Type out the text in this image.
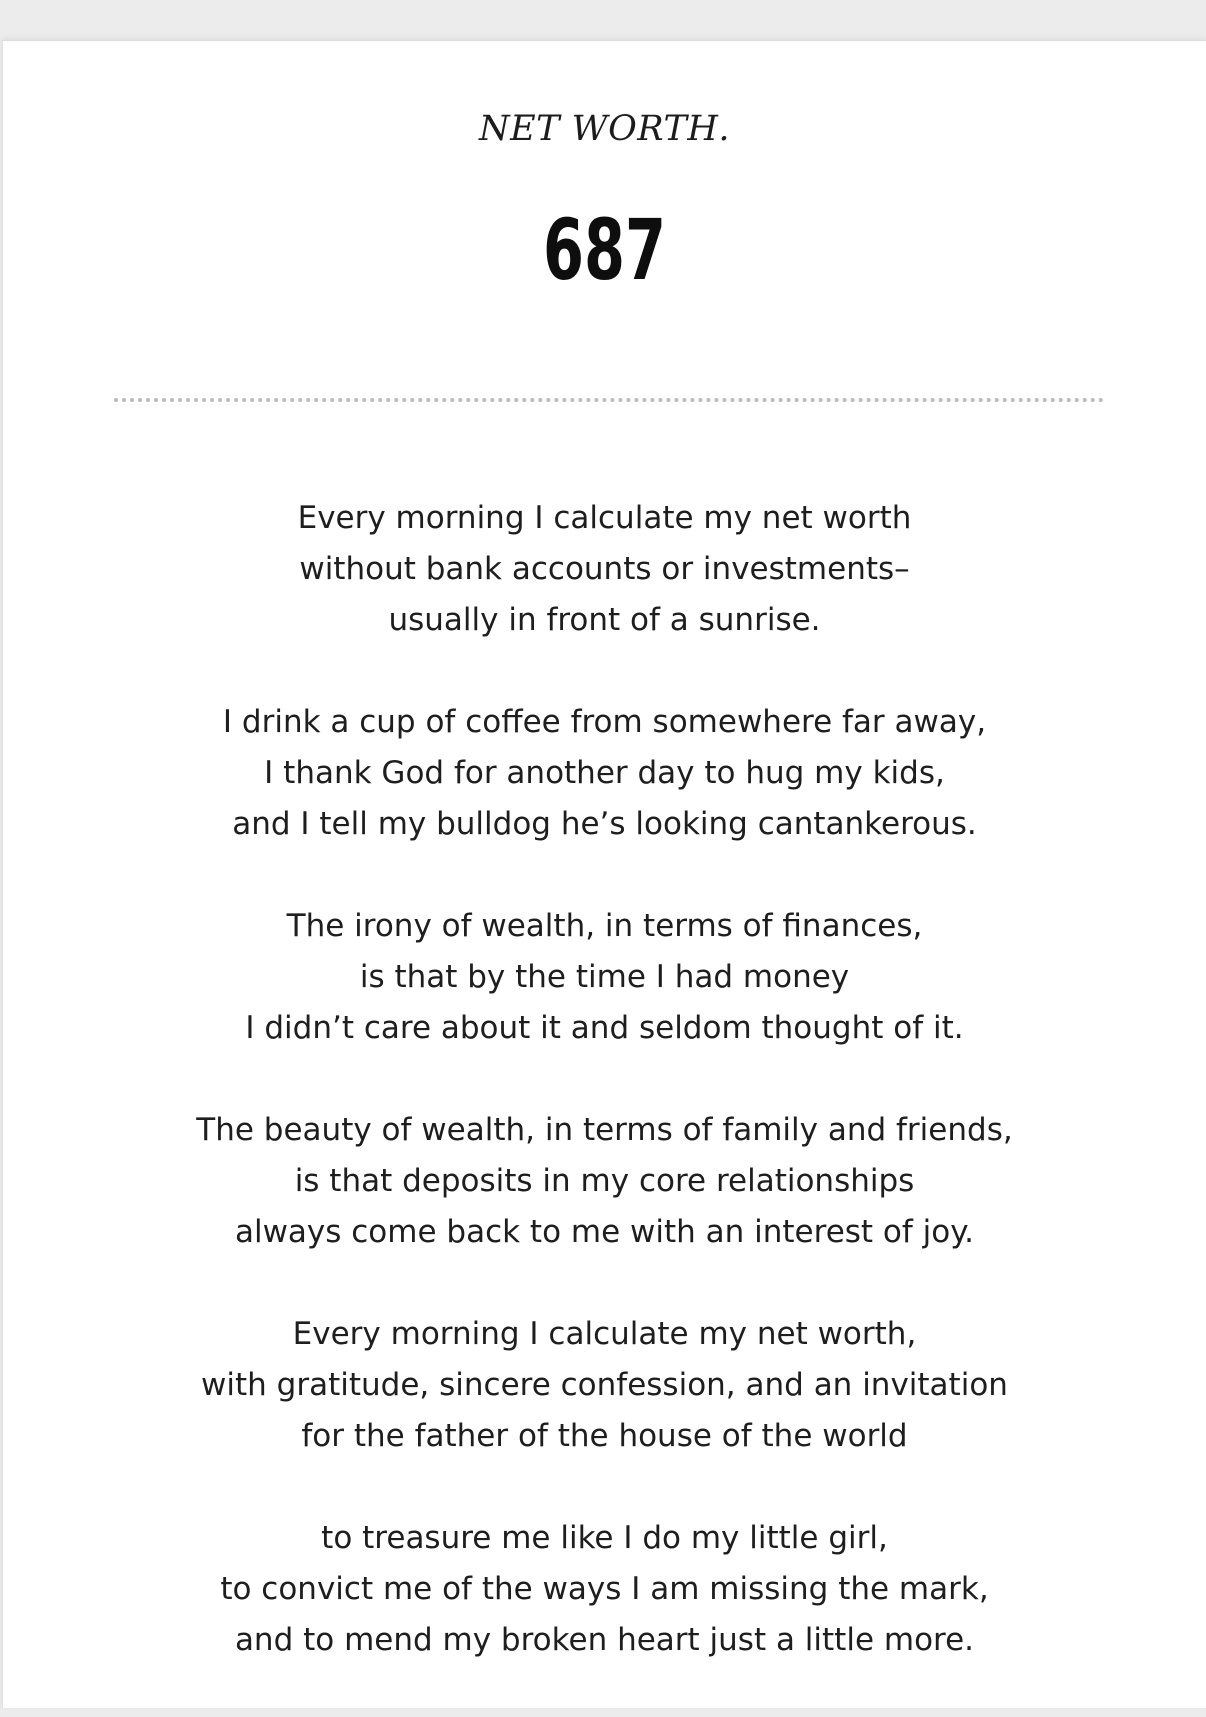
NET WORTH.
687
Every morning I calculate my net worth
without bank accounts or investments–
usually in front of a sunrise.
I drink a cup of coffee from somewhere far away,
I thank God for another day to hug my kids,
and I tell my bulldog he’s looking cantankerous.
The irony of wealth, in terms of finances,
is that by the time I had money
I didn’t care about it and seldom thought of it.
The beauty of wealth, in terms of family and friends,
is that deposits in my core relationships
always come back to me with an interest of joy.
Every morning I calculate my net worth,
with gratitude, sincere confession, and an invitation
for the father of the house of the world
to treasure me like I do my little girl,
to convict me of the ways I am missing the mark,
and to mend my broken heart just a little more.
